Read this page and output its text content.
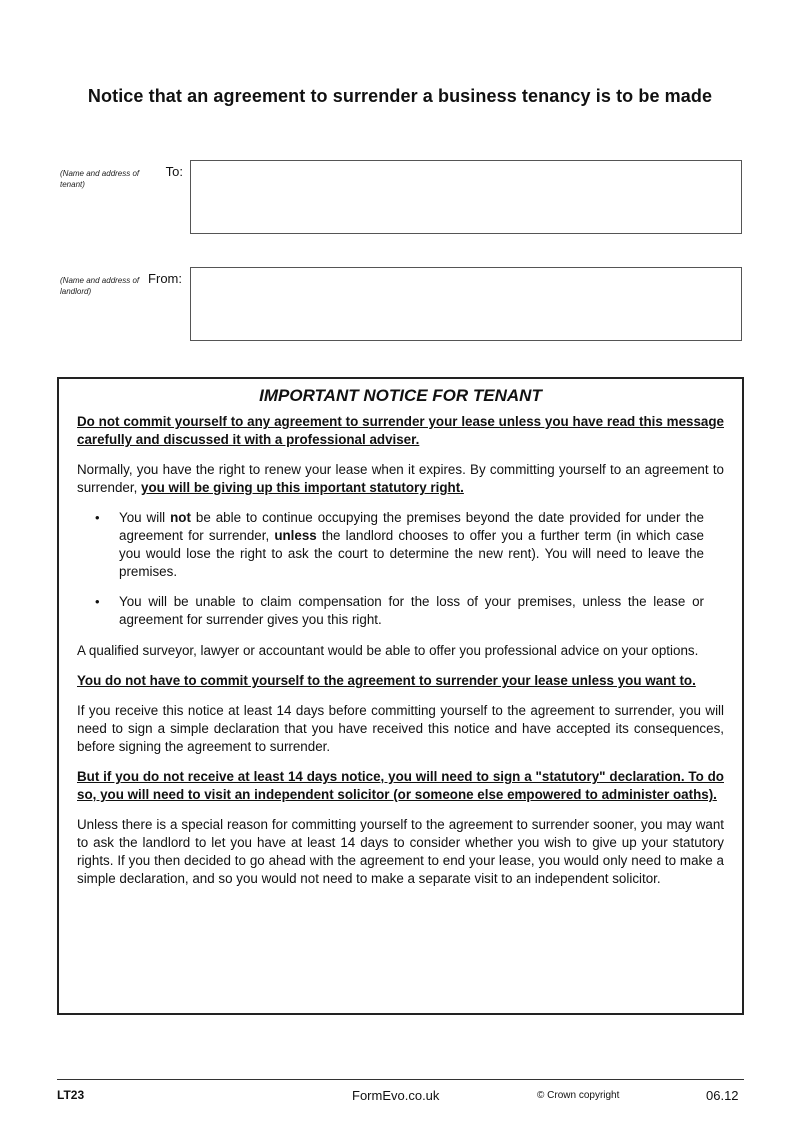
Notice that an agreement to surrender a business tenancy is to be made
(Name and address of tenant)
To:
(Name and address of landlord)
From:
IMPORTANT NOTICE FOR TENANT

Do not commit yourself to any agreement to surrender your lease unless you have read this message carefully and discussed it with a professional adviser.

Normally, you have the right to renew your lease when it expires. By committing yourself to an agreement to surrender, you will be giving up this important statutory right.

• You will not be able to continue occupying the premises beyond the date provided for under the agreement for surrender, unless the landlord chooses to offer you a further term (in which case you would lose the right to ask the court to determine the new rent). You will need to leave the premises.
• You will be unable to claim compensation for the loss of your premises, unless the lease or agreement for surrender gives you this right.

A qualified surveyor, lawyer or accountant would be able to offer you professional advice on your options.

You do not have to commit yourself to the agreement to surrender your lease unless you want to.

If you receive this notice at least 14 days before committing yourself to the agreement to surrender, you will need to sign a simple declaration that you have received this notice and have accepted its consequences, before signing the agreement to surrender.

But if you do not receive at least 14 days notice, you will need to sign a "statutory" declaration. To do so, you will need to visit an independent solicitor (or someone else empowered to administer oaths).

Unless there is a special reason for committing yourself to the agreement to surrender sooner, you may want to ask the landlord to let you have at least 14 days to consider whether you wish to give up your statutory rights. If you then decided to go ahead with the agreement to end your lease, you would only need to make a simple declaration, and so you would not need to make a separate visit to an independent solicitor.

LT23	FormEvo.co.uk	© Crown copyright	06.12
